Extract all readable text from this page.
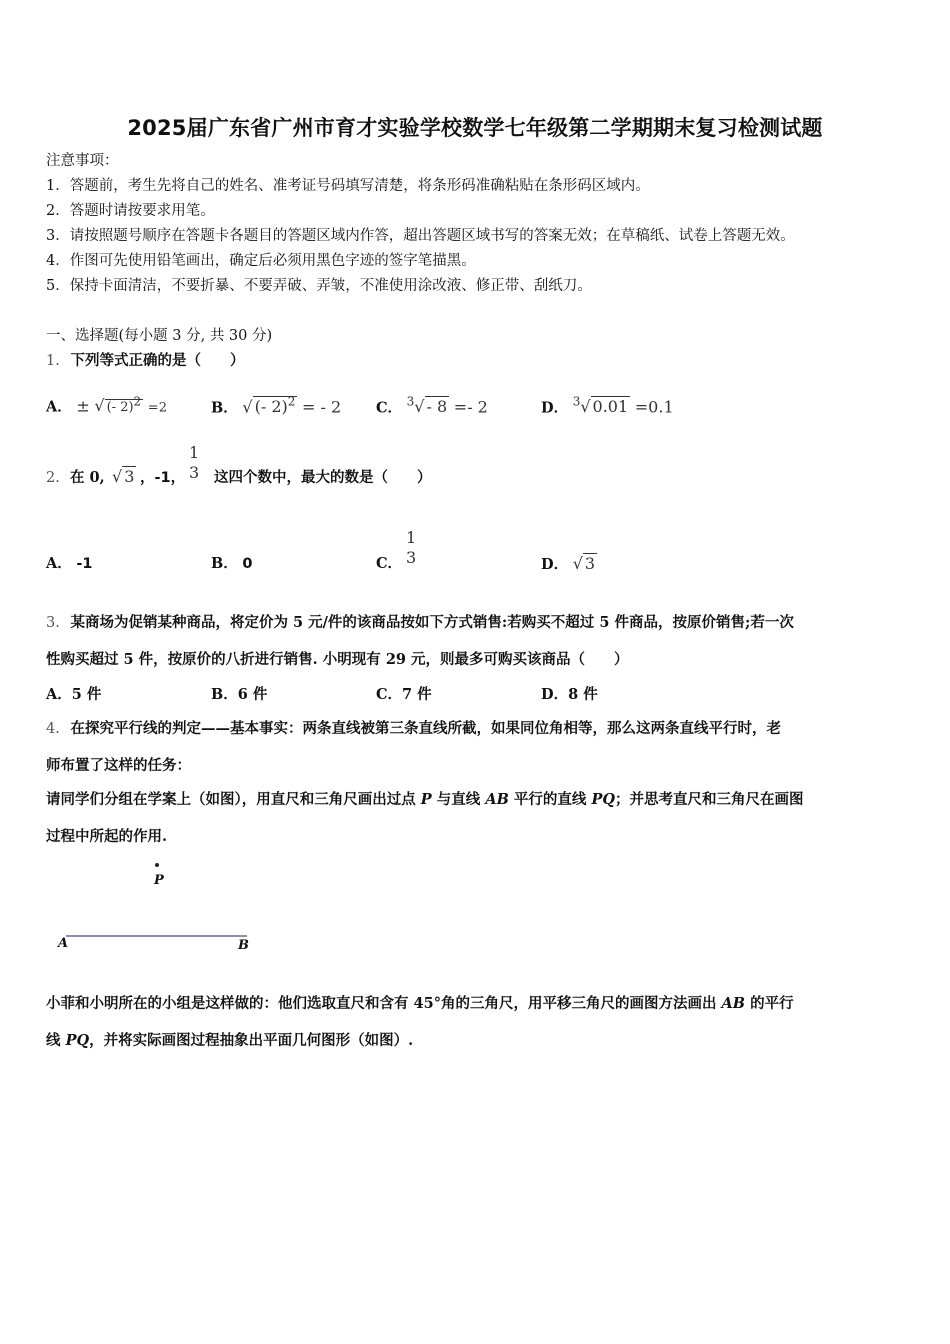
2025届广东省广州市育才实验学校数学七年级第二学期期末复习检测试题
注意事项：
1．答题前，考生先将自己的姓名、准考证号码填写清楚，将条形码准确粘贴在条形码区域内。
2．答题时请按要求用笔。
3．请按照题号顺序在答题卡各题目的答题区域内作答，超出答题区域书写的答案无效；在草稿纸、试卷上答题无效。
4．作图可先使用铅笔画出，确定后必须用黑色字迹的签字笔描黑。
5．保持卡面清洁，不要折暴、不要弄破、弄皱，不准使用涂改液、修正带、刮纸刀。
一、选择题(每小题 3 分, 共 30 分)
1. 下列等式正确的是（　　）
A． ± √ (- 2)$^2$ =2	B． √ (- 2)$^2$ = - 2 C． $^3$√ - 8 =- 2	D． $^3$√ 0.01 =0.1
2. 在 0, √ 3 ，-1，
1
3 这四个数中，最大的数是（　　）
A． -1	B． 0	C．
1
3	D． √ 3
3. 某商场为促销某种商品，将定价为 5 元/件的该商品按如下方式销售:若购买不超过 5 件商品，按原价销售;若一次
性购买超过 5 件，按原价的八折进行销售. 小明现有 29 元，则最多可购买该商品（　　）
A．5 件	B．6 件	C．7 件	D．8 件
4. 在探究平行线的判定——基本事实：两条直线被第三条直线所截，如果同位角相等，那么这两条直线平行时，老
师布置了这样的任务：
请同学们分组在学案上（如图），用直尺和三角尺画出过点 P 与直线 AB 平行的直线 PQ；并思考直尺和三角尺在画图
过程中所起的作用.
P
A	B
小菲和小明所在的小组是这样做的：他们选取直尺和含有 45°角的三角尺，用平移三角尺的画图方法画出 AB 的平行
线 PQ，并将实际画图过程抽象出平面几何图形（如图）.
